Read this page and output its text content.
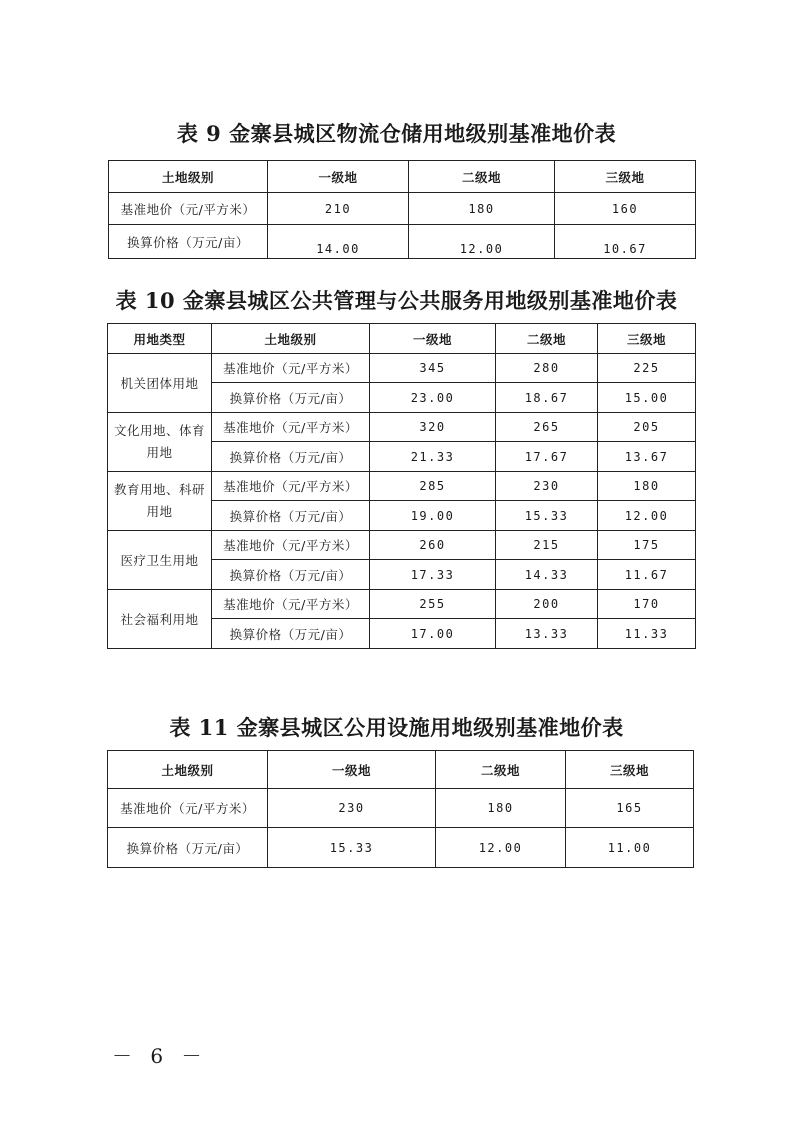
表 9 金寨县城区物流仓储用地级别基准地价表
土地级别	一级地	二级地	三级地
基准地价（元/平方米）	210	180	160
换算价格（万元/亩）	14.00	12.00	10.67
表 10 金寨县城区公共管理与公共服务用地级别基准地价表
用地类型	土地级别	一级地	二级地	三级地
机关团体用地	基准地价（元/平方米）	345	280	225
	换算价格（万元/亩）	23.00	18.67	15.00
文化用地、体育用地	基准地价（元/平方米）	320	265	205
	换算价格（万元/亩）	21.33	17.67	13.67
教育用地、科研用地	基准地价（元/平方米）	285	230	180
	换算价格（万元/亩）	19.00	15.33	12.00
医疗卫生用地	基准地价（元/平方米）	260	215	175
	换算价格（万元/亩）	17.33	14.33	11.67
社会福利用地	基准地价（元/平方米）	255	200	170
	换算价格（万元/亩）	17.00	13.33	11.33
表 11 金寨县城区公用设施用地级别基准地价表
土地级别	一级地	二级地	三级地
基准地价（元/平方米）	230	180	165
换算价格（万元/亩）	15.33	12.00	11.00
－ 6 －
